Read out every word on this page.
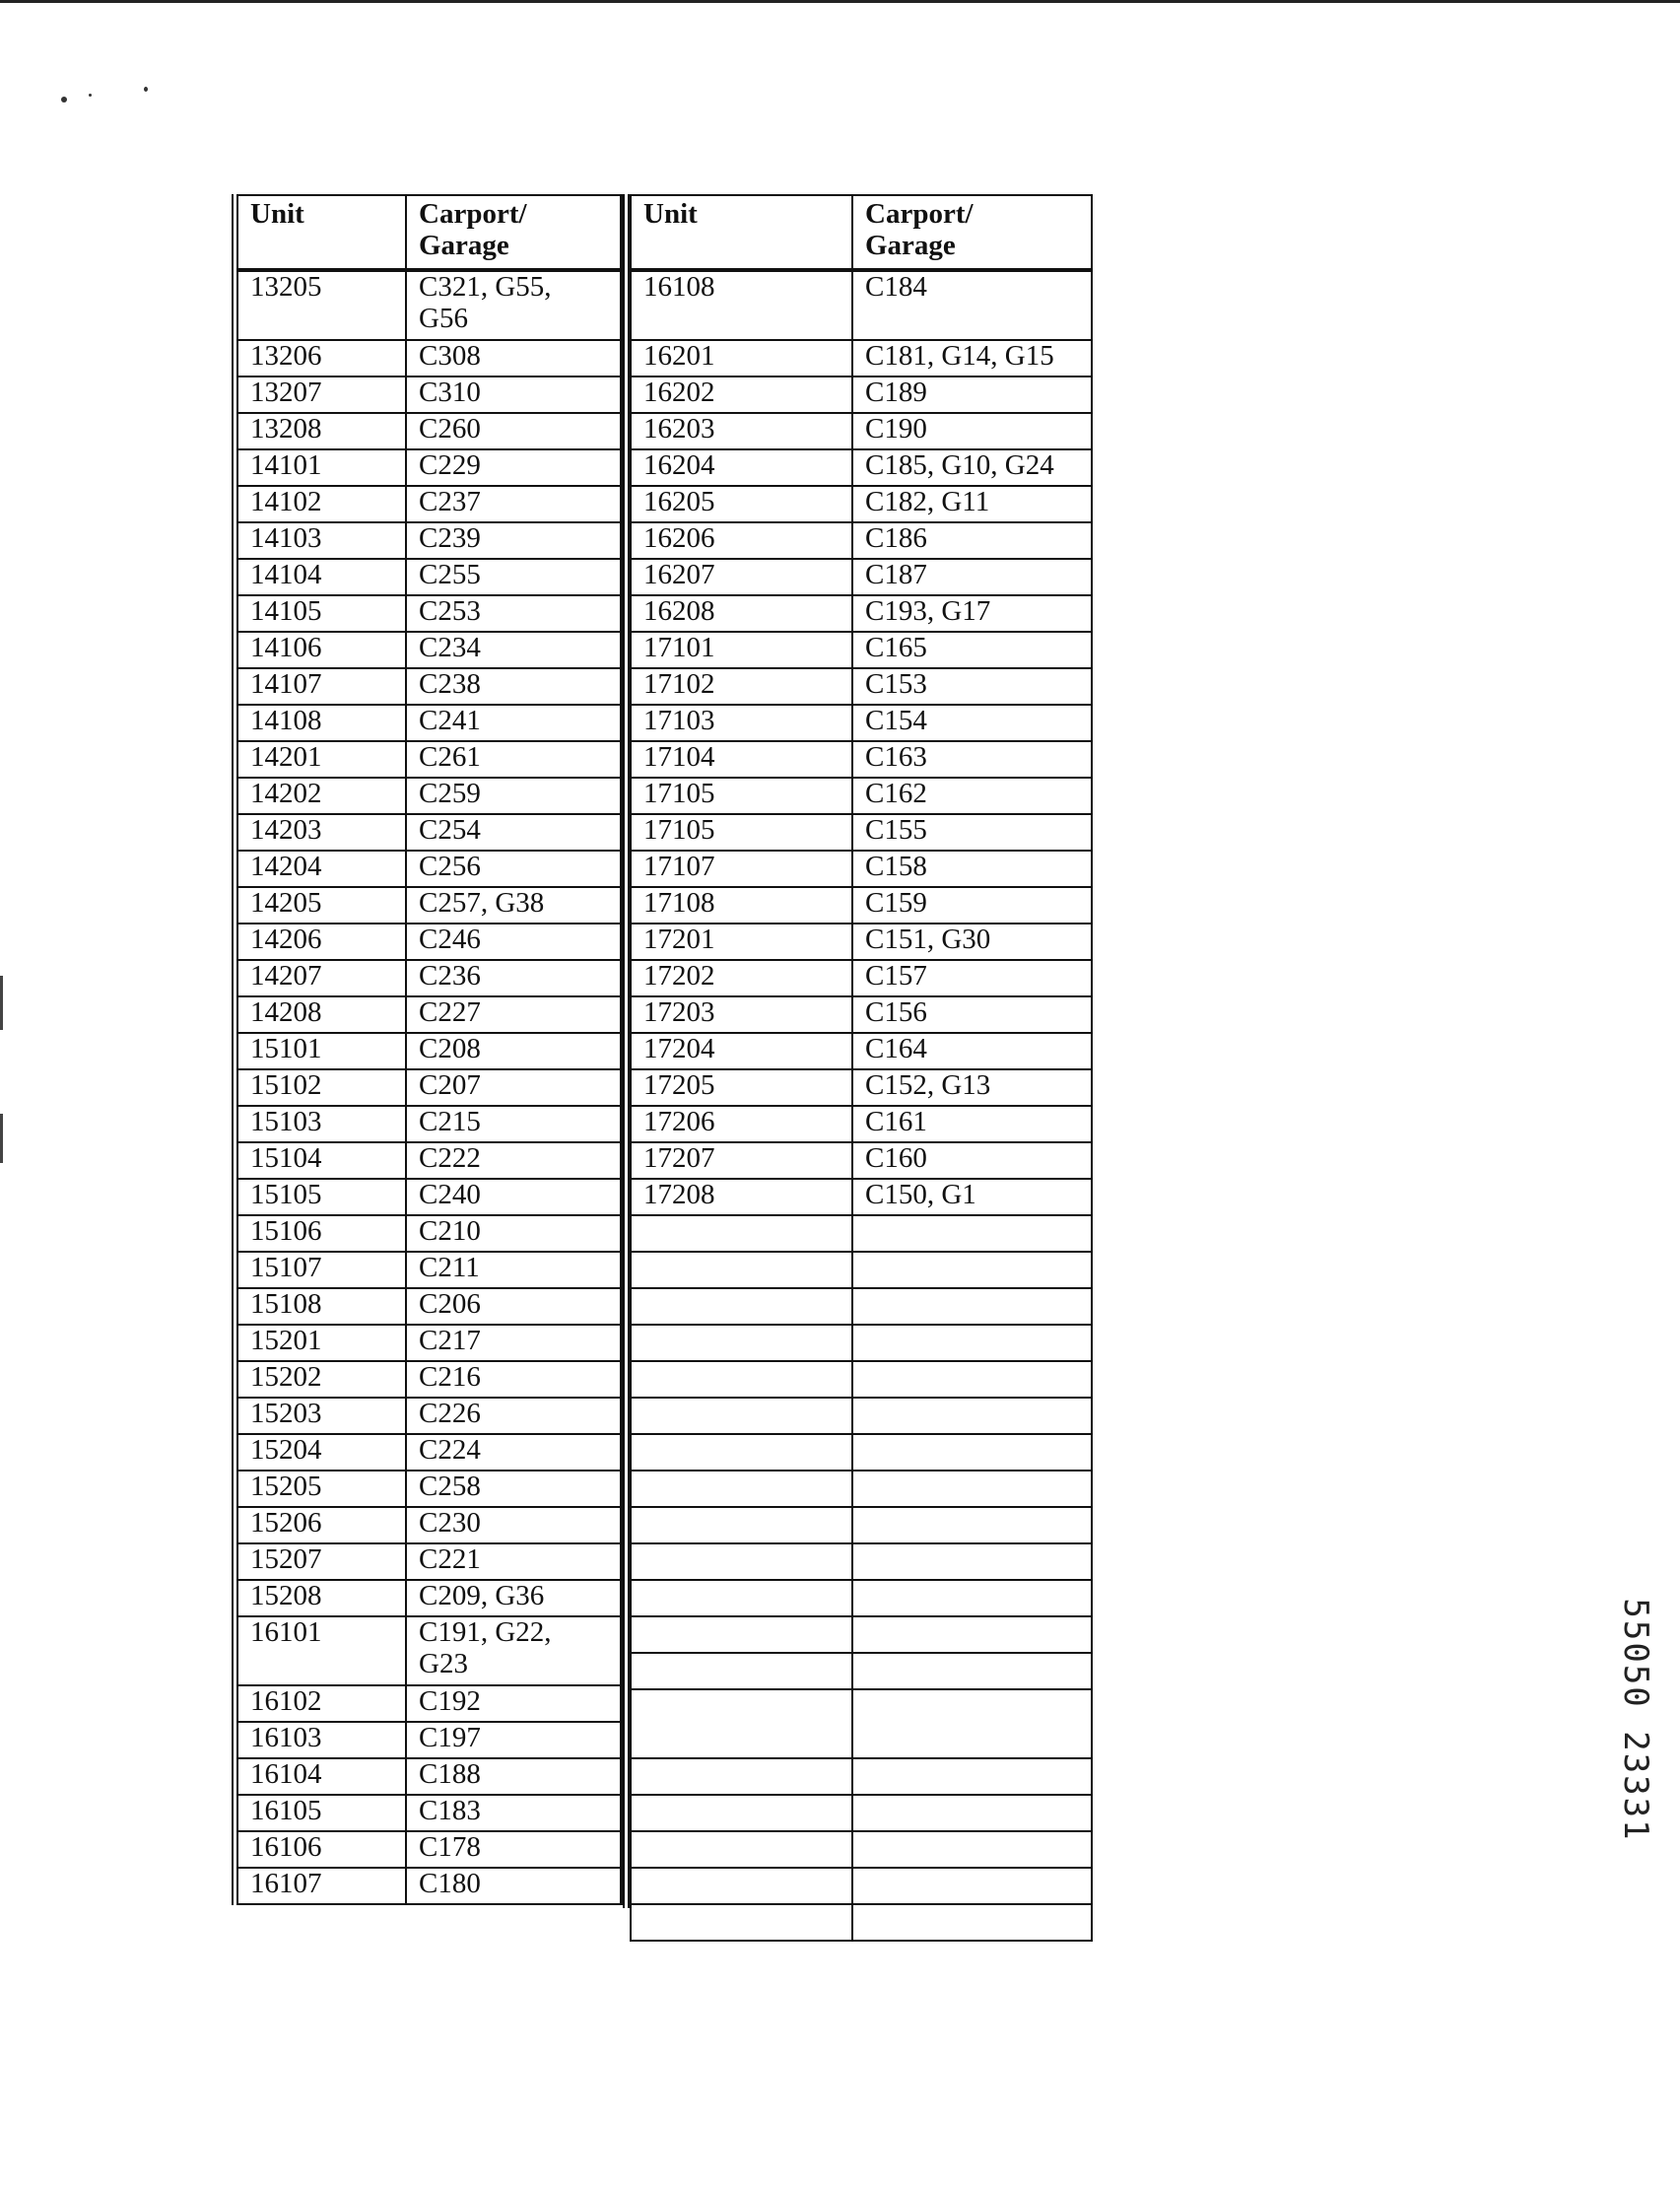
Unit	Carport/
Garage
13205	C321, G55,
G56
13206	C308
13207	C310
13208	C260
14101	C229
14102	C237
14103	C239
14104	C255
14105	C253
14106	C234
14107	C238
14108	C241
14201	C261
14202	C259
14203	C254
14204	C256
14205	C257, G38
14206	C246
14207	C236
14208	C227
15101	C208
15102	C207
15103	C215
15104	C222
15105	C240
15106	C210
15107	C211
15108	C206
15201	C217
15202	C216
15203	C226
15204	C224
15205	C258
15206	C230
15207	C221
15208	C209, G36
16101	C191, G22,
G23
16102	C192
16103	C197
16104	C188
16105	C183
16106	C178
16107	C180
Unit	Carport/
Garage
16108	C184
16201	C181, G14, G15
16202	C189
16203	C190
16204	C185, G10, G24
16205	C182, G11
16206	C186
16207	C187
16208	C193, G17
17101	C165
17102	C153
17103	C154
17104	C163
17105	C162
17105	C155
17107	C158
17108	C159
17201	C151, G30
17202	C157
17203	C156
17204	C164
17205	C152, G13
17206	C161
17207	C160
17208	C150, G1

55050 23331
